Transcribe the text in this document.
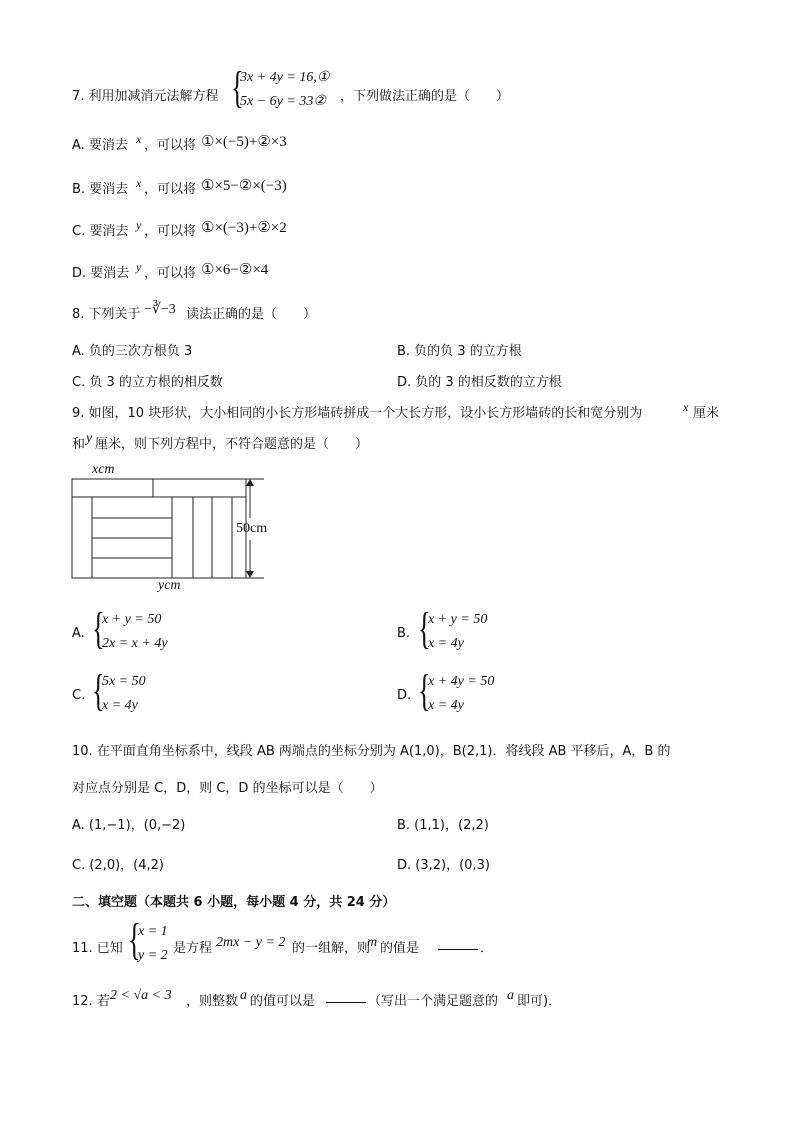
7. 利用加减消元法解方程 {
3x + 4y = 16,①
5x − 6y = 33② ，下列做法正确的是（　　）
A. 要消去 x ，可以将 ①×(−5)+②×3
B. 要消去 x ，可以将 ①×5−②×(−3)
C. 要消去 y ，可以将 ①×(−3)+②×2
D. 要消去 y ，可以将 ①×6−②×4
8. 下列关于 −∛−3 读法正确的是（　　）
A. 负的三次方根负 3	B. 负的负 3 的立方根
C. 负 3 的立方根的相反数	D. 负的 3 的相反数的立方根
9. 如图，10 块形状，大小相同的小长方形墙砖拼成一个大长方形，设小长方形墙砖的长和宽分别为	x 厘米
和 y 厘米，则下列方程中，不符合题意的是（　　）
xcm
50cm
ycm
A. {
x + y = 50
2x = x + 4y
B. {
x + y = 50
x = 4y
C. {
5x = 50
x = 4y
D. {
x + 4y = 50
x = 4y
10. 在平面直角坐标系中，线段 AB 两端点的坐标分别为 A(1,0)，B(2,1)．将线段 AB 平移后，A，B 的
对应点分别是 C，D，则 C，D 的坐标可以是（　　）
A. (1,−1)，(0,−2)	B. (1,1)，(2,2)
C. (2,0)，(4,2)	D. (3,2)，(0,3)
二、填空题（本题共 6 小题，每小题 4 分，共 24 分）
11. 已知 {
x = 1
y = 2 是方程 2mx − y = 2 的一组解，则
m 的值是	．
12. 若 2 < √a < 3 ，则整数 a 的值可以是	（写出一个满足题意的 a 即可)．
